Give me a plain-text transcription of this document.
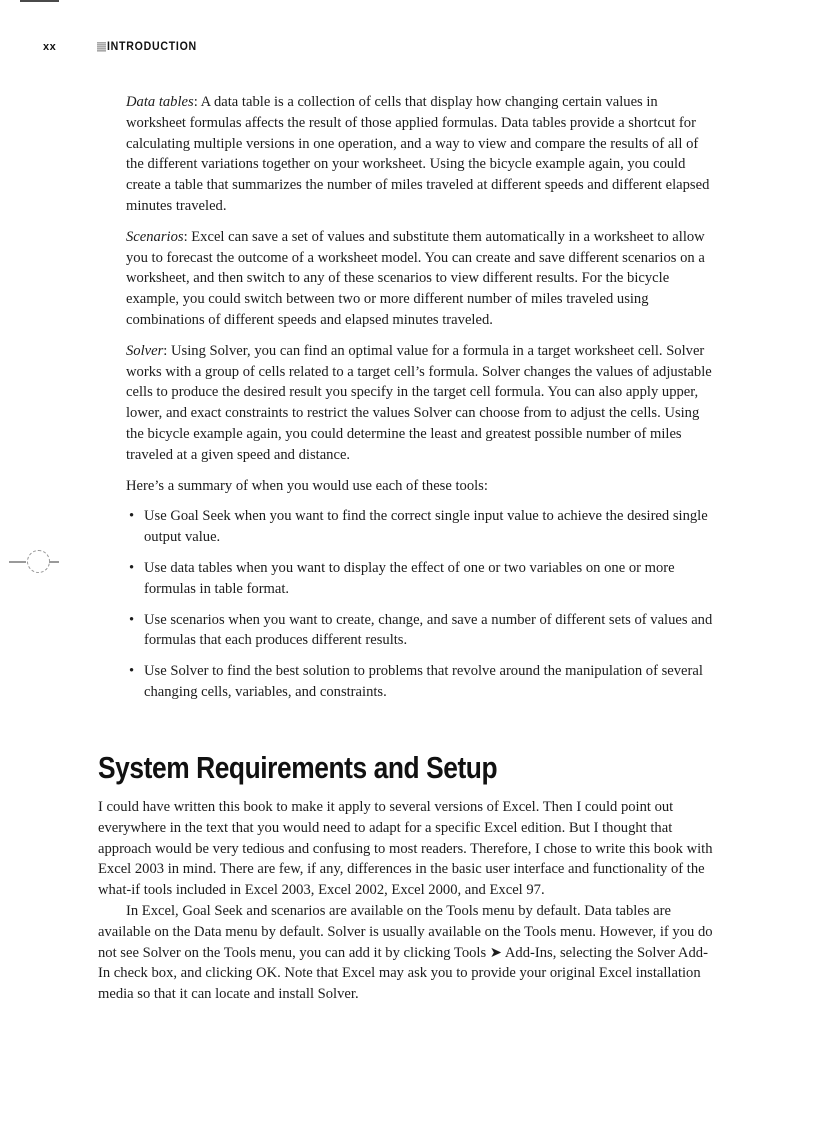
xx	INTRODUCTION

Data tables: A data table is a collection of cells that display how changing certain values in worksheet formulas affects the result of those applied formulas. Data tables provide a shortcut for calculating multiple versions in one operation, and a way to view and compare the results of all of the different variations together on your worksheet. Using the bicycle example again, you could create a table that summarizes the number of miles traveled at different speeds and different elapsed minutes traveled.

Scenarios: Excel can save a set of values and substitute them automatically in a worksheet to allow you to forecast the outcome of a worksheet model. You can create and save different scenarios on a worksheet, and then switch to any of these scenarios to view different results. For the bicycle example, you could switch between two or more different number of miles traveled using combinations of different speeds and elapsed minutes traveled.

Solver: Using Solver, you can find an optimal value for a formula in a target worksheet cell. Solver works with a group of cells related to a target cell’s formula. Solver changes the values of adjustable cells to produce the desired result you specify in the target cell formula. You can also apply upper, lower, and exact constraints to restrict the values Solver can choose from to adjust the cells. Using the bicycle example again, you could determine the least and greatest possible number of miles traveled at a given speed and distance.

Here’s a summary of when you would use each of these tools:

• Use Goal Seek when you want to find the correct single input value to achieve the desired single output value.
• Use data tables when you want to display the effect of one or two variables on one or more formulas in table format.
• Use scenarios when you want to create, change, and save a number of different sets of values and formulas that each produces different results.
• Use Solver to find the best solution to problems that revolve around the manipulation of several changing cells, variables, and constraints.
System Requirements and Setup

I could have written this book to make it apply to several versions of Excel. Then I could point out everywhere in the text that you would need to adapt for a specific Excel edition. But I thought that approach would be very tedious and confusing to most readers. Therefore, I chose to write this book with Excel 2003 in mind. There are few, if any, differences in the basic user interface and functionality of the what-if tools included in Excel 2003, Excel 2002, Excel 2000, and Excel 97.

In Excel, Goal Seek and scenarios are available on the Tools menu by default. Data tables are available on the Data menu by default. Solver is usually available on the Tools menu. However, if you do not see Solver on the Tools menu, you can add it by clicking Tools ➤ Add-Ins, selecting the Solver Add-In check box, and clicking OK. Note that Excel may ask you to provide your original Excel installation media so that it can locate and install Solver.
